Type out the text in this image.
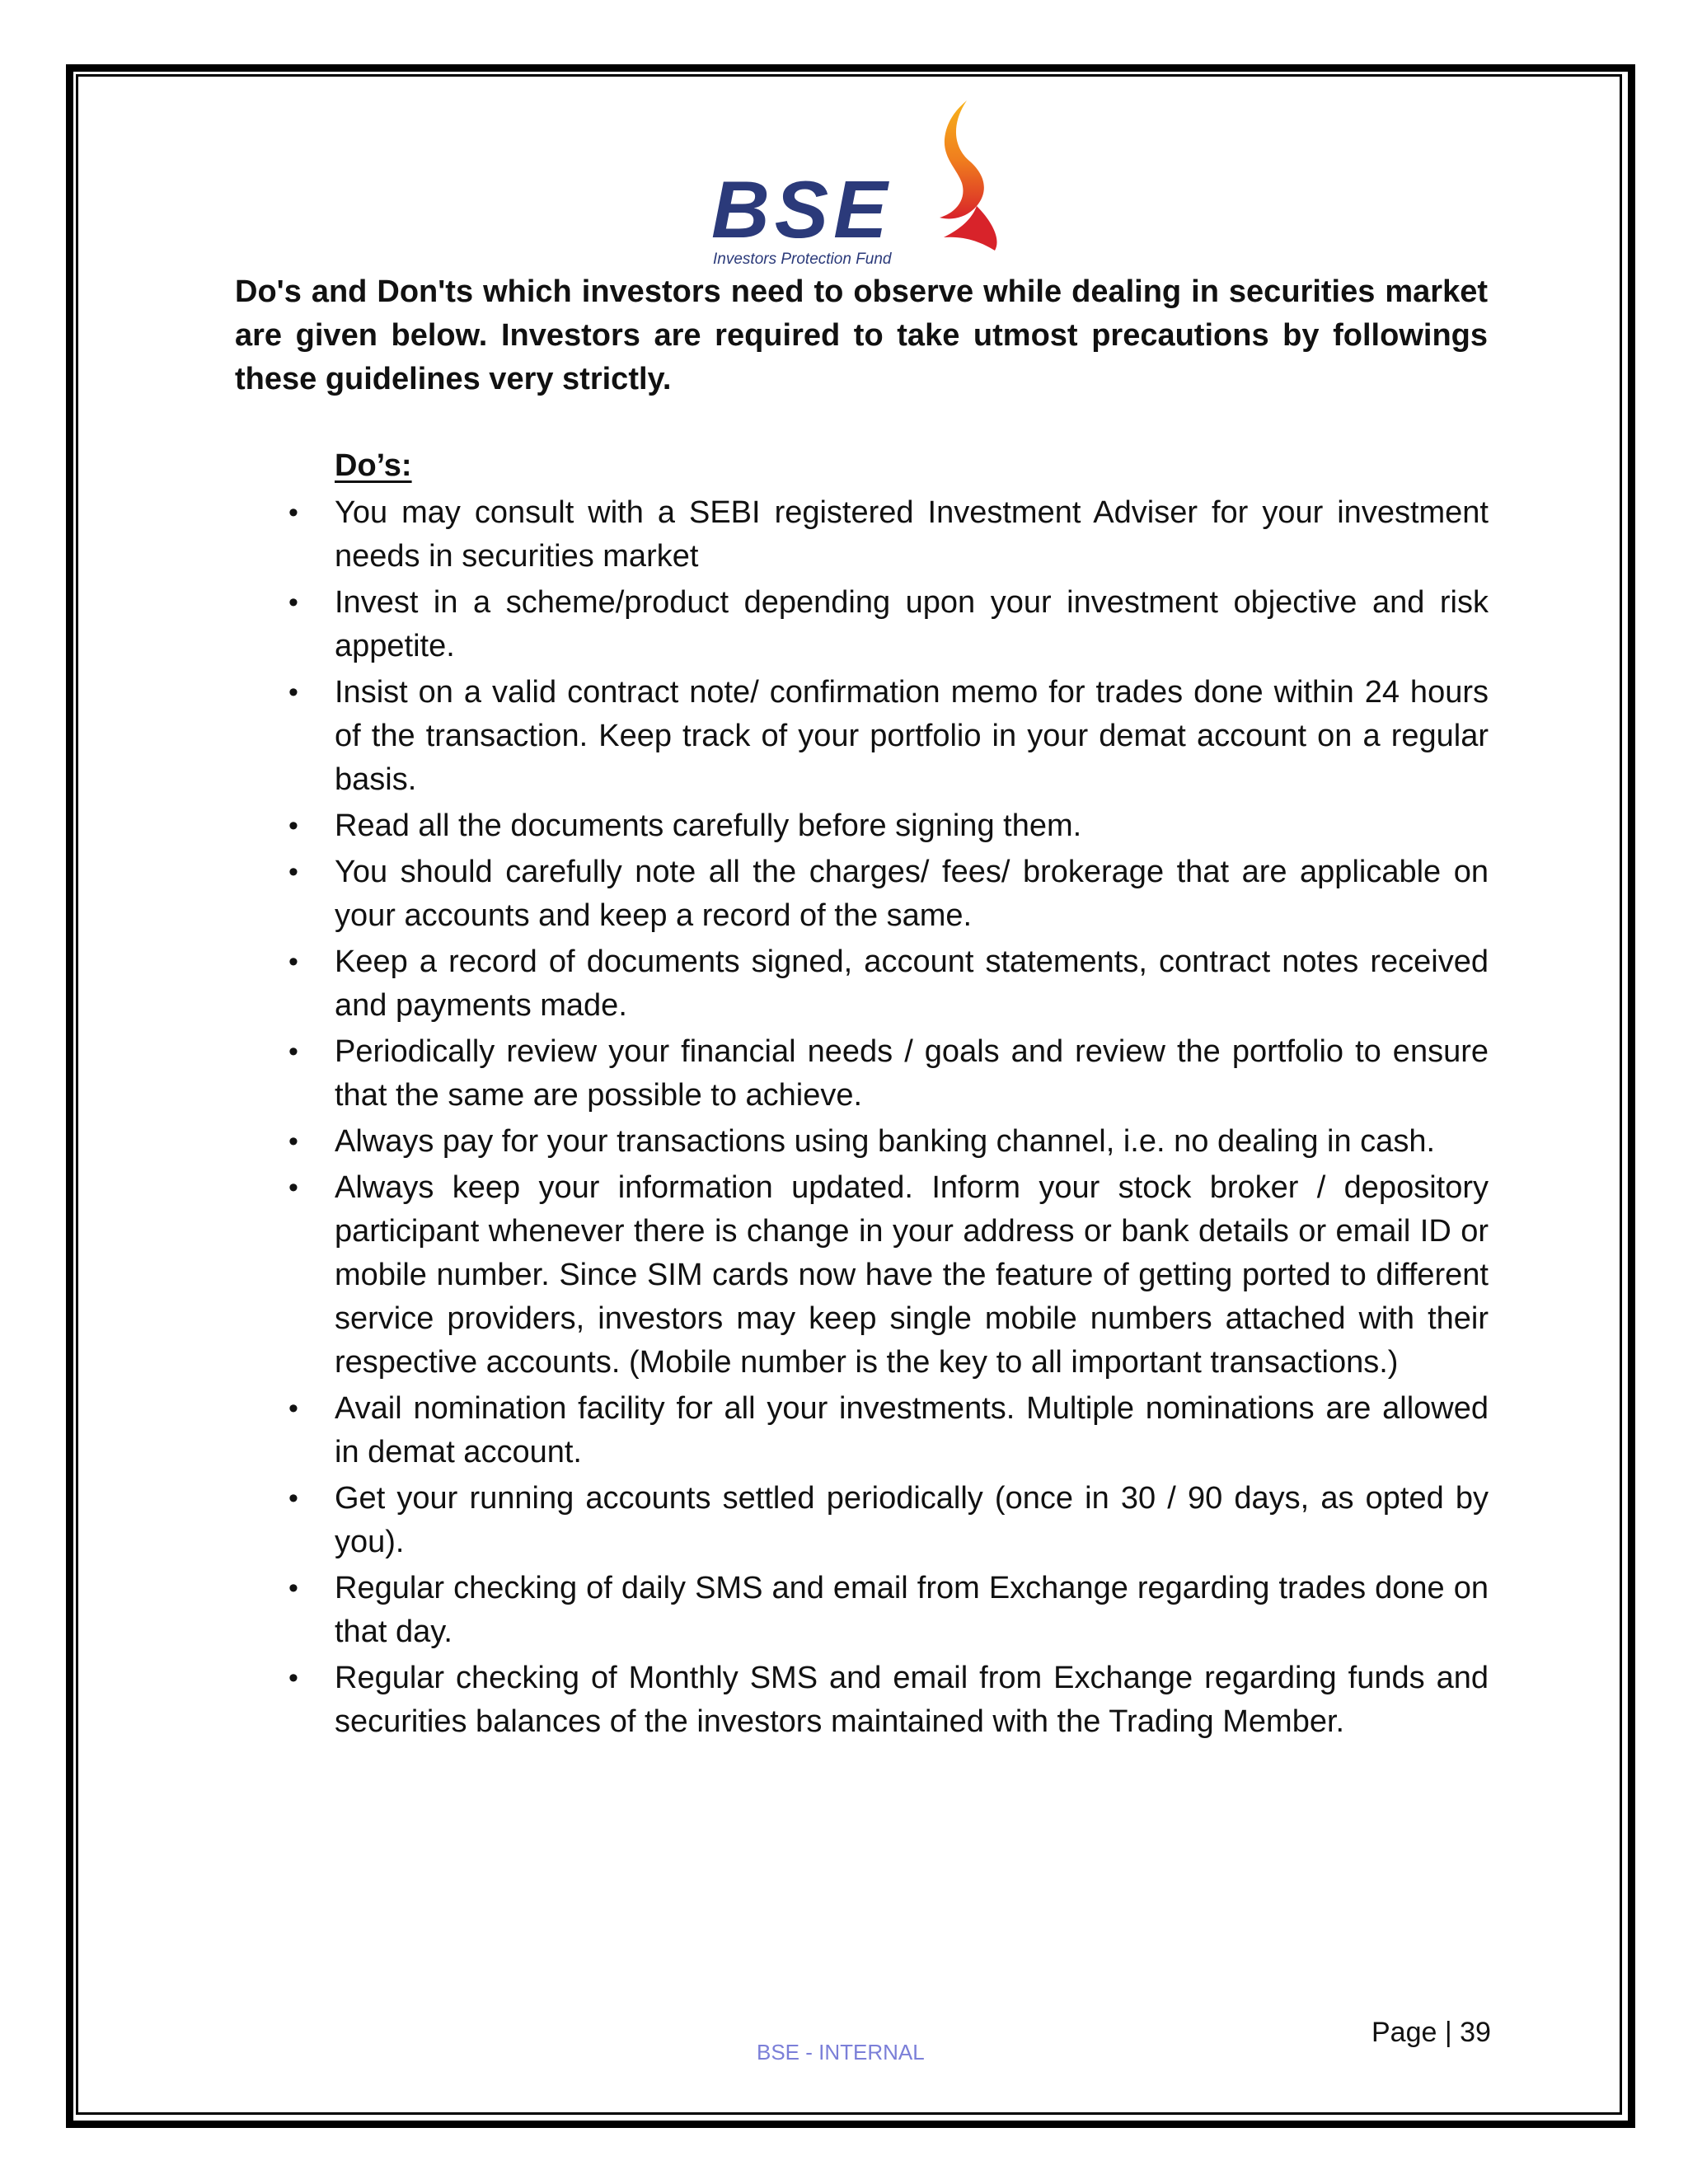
BSE
Investors Protection Fund

Do's and Don'ts which investors need to observe while dealing in securities market are given below. Investors are required to take utmost precautions by followings these guidelines very strictly.

Do’s:

• You may consult with a SEBI registered Investment Adviser for your investment needs in securities market
• Invest in a scheme/product depending upon your investment objective and risk appetite.
• Insist on a valid contract note/ confirmation memo for trades done within 24 hours of the transaction. Keep track of your portfolio in your demat account on a regular basis.
• Read all the documents carefully before signing them.
• You should carefully note all the charges/ fees/ brokerage that are applicable on your accounts and keep a record of the same.
• Keep a record of documents signed, account statements, contract notes received and payments made.
• Periodically review your financial needs / goals and review the portfolio to ensure that the same are possible to achieve.
• Always pay for your transactions using banking channel, i.e. no dealing in cash.
• Always keep your information updated. Inform your stock broker / depository participant whenever there is change in your address or bank details or email ID or mobile number. Since SIM cards now have the feature of getting ported to different service providers, investors may keep single mobile numbers attached with their respective accounts. (Mobile number is the key to all important transactions.)
• Avail nomination facility for all your investments. Multiple nominations are allowed in demat account.
• Get your running accounts settled periodically (once in 30 / 90 days, as opted by you).
• Regular checking of daily SMS and email from Exchange regarding trades done on that day.
• Regular checking of Monthly SMS and email from Exchange regarding funds and securities balances of the investors maintained with the Trading Member.
Page | 39
BSE - INTERNAL
